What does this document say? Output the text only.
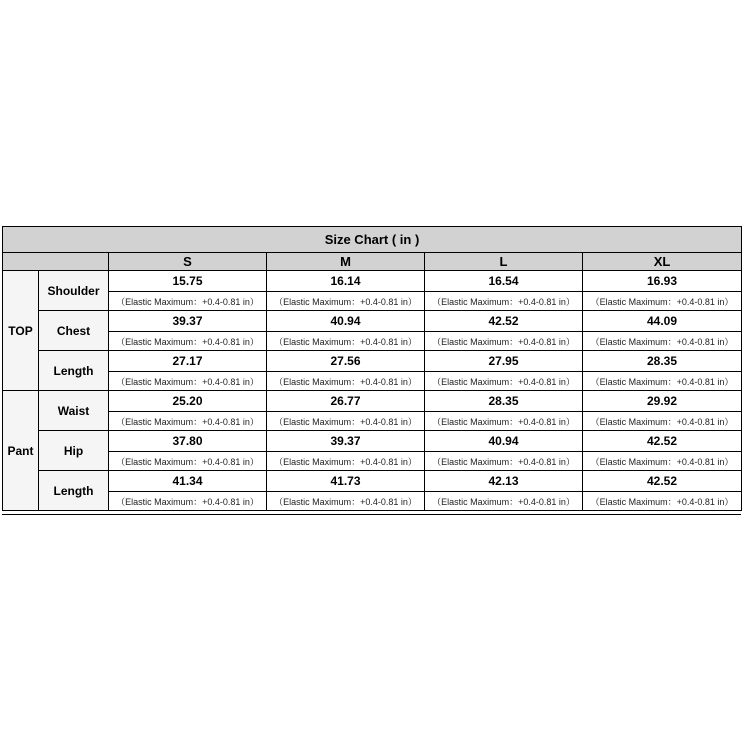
Size Chart ( in )					
		S	M	L	XL
TOP	Shoulder	15.75	16.14	16.54	16.93
		（Elastic Maximum：+0.4-0.81 in）	（Elastic Maximum：+0.4-0.81 in）	（Elastic Maximum：+0.4-0.81 in）	（Elastic Maximum：+0.4-0.81 in）
	Chest	39.37	40.94	42.52	44.09
		（Elastic Maximum：+0.4-0.81 in）	（Elastic Maximum：+0.4-0.81 in）	（Elastic Maximum：+0.4-0.81 in）	（Elastic Maximum：+0.4-0.81 in）
	Length	27.17	27.56	27.95	28.35
		（Elastic Maximum：+0.4-0.81 in）	（Elastic Maximum：+0.4-0.81 in）	（Elastic Maximum：+0.4-0.81 in）	（Elastic Maximum：+0.4-0.81 in）
Pant	Waist	25.20	26.77	28.35	29.92
		（Elastic Maximum：+0.4-0.81 in）	（Elastic Maximum：+0.4-0.81 in）	（Elastic Maximum：+0.4-0.81 in）	（Elastic Maximum：+0.4-0.81 in）
	Hip	37.80	39.37	40.94	42.52
		（Elastic Maximum：+0.4-0.81 in）	（Elastic Maximum：+0.4-0.81 in）	（Elastic Maximum：+0.4-0.81 in）	（Elastic Maximum：+0.4-0.81 in）
	Length	41.34	41.73	42.13	42.52
		（Elastic Maximum：+0.4-0.81 in）	（Elastic Maximum：+0.4-0.81 in）	（Elastic Maximum：+0.4-0.81 in）	（Elastic Maximum：+0.4-0.81 in）
